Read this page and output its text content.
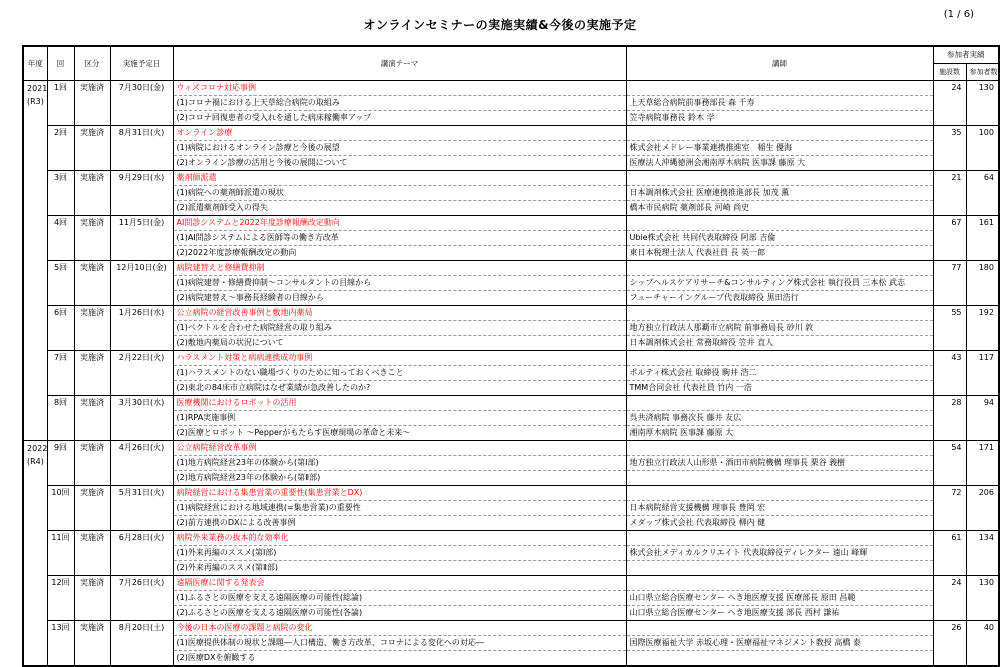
(1 / 6)
オンラインセミナーの実施実績&今後の実施予定
年度	回	区分	実施予定日	講演テーマ	講師	参加者実績	
						施設数	参加者数

2021
(R3)	1回	実施済	7月30日(金)	ウィズコロナ対応事例		24	130
				(1)コロナ禍における上天草総合病院の取組み	上天草総合病院前事務部長 森 千寿		
				(2)コロナ回復患者の受入れを通した病床稼働率アップ	笠寺病院事務長 鈴木 学		
	2回	実施済	8月31日(火)	オンライン診療		35	100
				(1)病院におけるオンライン診療と今後の展望	株式会社メドレー事業連携推進室　稲生 優海		
				(2)オンライン診療の活用と今後の展開について	医療法人沖縄徳洲会湘南厚木病院 医事課 藤原 大		
	3回	実施済	9月29日(水)	薬剤師派遣		21	64
				(1)病院への薬剤師派遣の現状	日本調剤株式会社 医療連携推進部長 加茂 薫		
				(2)派遣薬剤師受入の得失	橋本市民病院 薬剤部長 河崎 尚史		
	4回	実施済	11月5日(金)	AI問診システムと2022年度診療報酬改定動向		67	161
				(1)AI問診システムによる医師等の働き方改革	Ubie株式会社 共同代表取締役 阿部 吉倫		
				(2)2022年度診療報酬改定の動向	東日本税理士法人 代表社員 長 英一郎		
	5回	実施済	12月10日(金)	病院建替えと修繕費抑制		77	180
				(1)病院建替・修繕費抑制～コンサルタントの目線から	シップヘルスケアリサーチ&コンサルティング株式会社 執行役員 三本松 武志		
				(2)病院建替え～事務長経験者の目線から	フューチャーイングループ代表取締役 黒田浩行		
	6回	実施済	1月26日(水)	公立病院の経営改善事例と敷地内薬局		55	192
				(1)ベクトルを合わせた病院経営の取り組み	地方独立行政法人那覇市立病院 前事務局長 砂川 敦		
				(2)敷地内薬局の状況について	日本調剤株式会社 常務取締役 笠井 直人		
	7回	実施済	2月22日(火)	ハラスメント対策と病病連携成功事例		43	117
				(1)ハラスメントのない職場づくりのために知っておくべきこと	ポルティ株式会社 取締役 駒井 浩二		
				(2)東北の84床市立病院はなぜ業績が急改善したのか?	TMM合同会社 代表社員 竹内 一浩		
	8回	実施済	3月30日(水)	医療機関におけるロボットの活用		28	94
				(1)RPA実施事例	呉共済病院 事務次長 藤井 友広		
				(2)医療とロボット ～Pepperがもたらす医療現場の革命と未来～	湘南厚木病院 医事課 藤原 大		

2022
(R4)	9回	実施済	4月26日(火)	公立病院経営改革事例		54	171
				(1)地方病院経営23年の体験から(第Ⅰ部)	地方独立行政法人山形県・酒田市病院機構 理事長 栗谷 義樹		
				(2)地方病院経営23年の体験から(第Ⅱ部)			
	10回	実施済	5月31日(火)	病院経営における集患営業の重要性(集患営業とDX)		72	206
				(1)病院経営における地域連携(=集患営業)の重要性	日本病院経営支援機構 理事長 豊岡 宏		
				(2)前方連携のDXによる改善事例	メダップ株式会社 代表取締役 柳内 健		
	11回	実施済	6月28日(火)	病院外来業務の抜本的な効率化		61	134
				(1)外来再編のススメ(第Ⅰ部)	株式会社メディカルクリエイト 代表取締役ディレクター 遠山 峰輝		
				(2)外来再編のススメ(第Ⅱ部)			
	12回	実施済	7月26日(火)	遠隔医療に関する発表会		24	130
				(1)ふるさとの医療を支える遠隔医療の可能性(総論)	山口県立総合医療センター へき地医療支援 医療部長 原田 昌範		
				(2)ふるさとの医療を支える遠隔医療の可能性(各論)	山口県立総合医療センター へき地医療支援 部長 西村 謙祐		
	13回	実施済	8月20日(土)	今後の日本の医療の課題と病院の変化		26	40
				(1)医療提供体制の現状と課題―人口構造、働き方改革、コロナによる変化への対応―	国際医療福祉大学 赤坂心理・医療福祉マネジメント教授 高橋 泰		
				(2)医療DXを俯瞰する			
